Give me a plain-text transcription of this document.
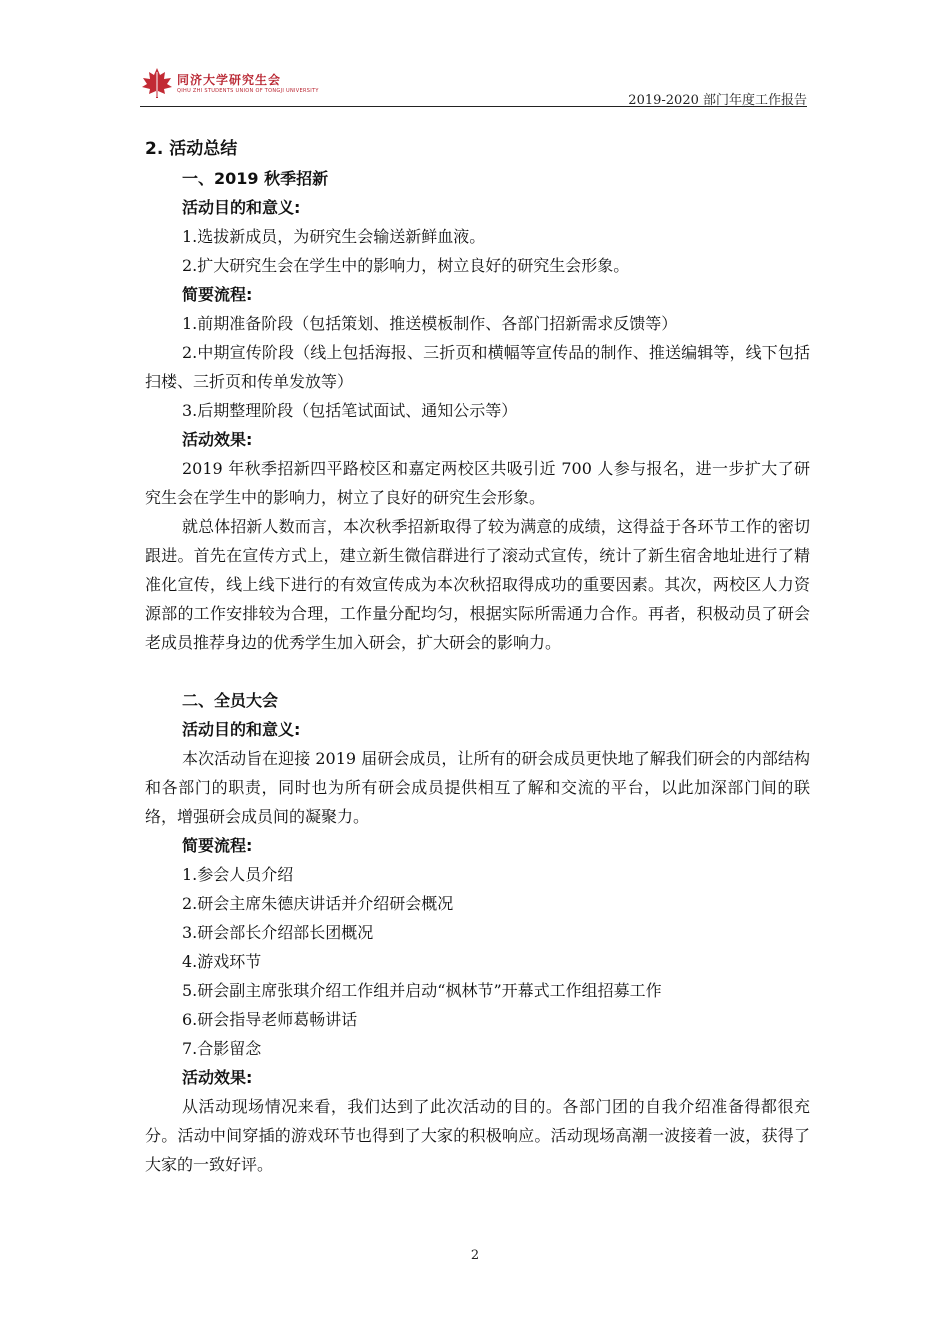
同济大学研究生会
QIHU ZHI STUDENTS UNION OF TONGJI UNIVERSITY
2019-2020 部门年度工作报告

2. 活动总结

一、2019 秋季招新

活动目的和意义:

1.选拔新成员，为研究生会输送新鲜血液。

2.扩大研究生会在学生中的影响力，树立良好的研究生会形象。

简要流程:

1.前期准备阶段（包括策划、推送模板制作、各部门招新需求反馈等）

2.中期宣传阶段（线上包括海报、三折页和横幅等宣传品的制作、推送编辑等，线下包括扫楼、三折页和传单发放等）

3.后期整理阶段（包括笔试面试、通知公示等）

活动效果:

2019 年秋季招新四平路校区和嘉定两校区共吸引近 700 人参与报名，进一步扩大了研究生会在学生中的影响力，树立了良好的研究生会形象。

就总体招新人数而言，本次秋季招新取得了较为满意的成绩，这得益于各环节工作的密切跟进。首先在宣传方式上，建立新生微信群进行了滚动式宣传，统计了新生宿舍地址进行了精准化宣传，线上线下进行的有效宣传成为本次秋招取得成功的重要因素。其次，两校区人力资源部的工作安排较为合理，工作量分配均匀，根据实际所需通力合作。再者，积极动员了研会老成员推荐身边的优秀学生加入研会，扩大研会的影响力。

二、全员大会

活动目的和意义:

本次活动旨在迎接 2019 届研会成员，让所有的研会成员更快地了解我们研会的内部结构和各部门的职责，同时也为所有研会成员提供相互了解和交流的平台，以此加深部门间的联络，增强研会成员间的凝聚力。

简要流程:

1.参会人员介绍

2.研会主席朱德庆讲话并介绍研会概况

3.研会部长介绍部长团概况

4.游戏环节

5.研会副主席张琪介绍工作组并启动“枫林节”开幕式工作组招募工作

6.研会指导老师葛畅讲话

7.合影留念

活动效果:

从活动现场情况来看，我们达到了此次活动的目的。各部门团的自我介绍准备得都很充分。活动中间穿插的游戏环节也得到了大家的积极响应。活动现场高潮一波接着一波，获得了大家的一致好评。

2
